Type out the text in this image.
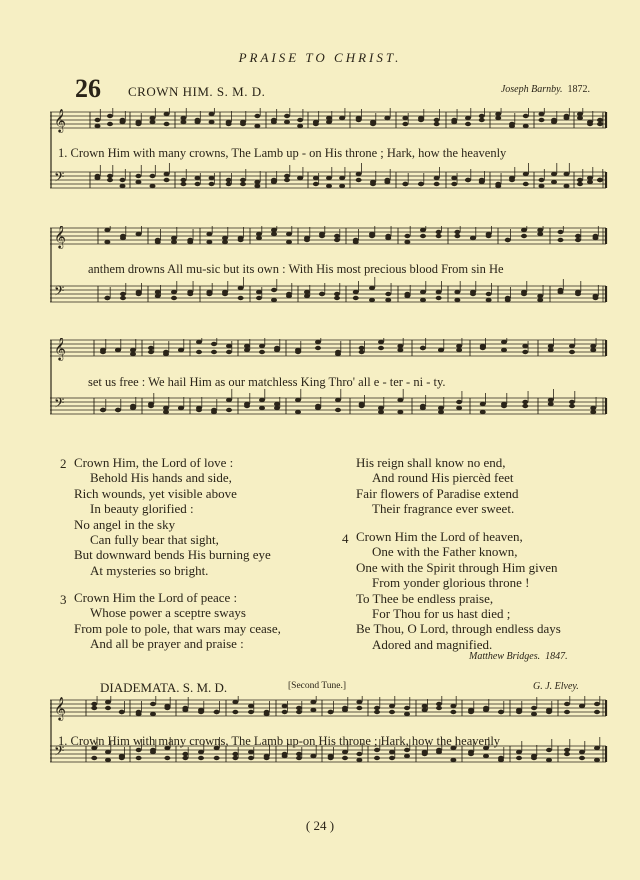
PRAISE TO CHRIST.
26 CROWN HIM. S. M. D.	Joseph Barnby. 1872.
𝄞
𝄢
1. Crown Him with many crowns, The Lamb up - on His throne ; Hark, how the heavenly
𝄞
𝄢
anthem drowns All mu-sic but its own : With His most precious blood From sin He
𝄞
𝄢
set us free : We hail Him as our matchless King Thro' all e - ter - ni - ty.
2 Crown Him, the Lord of love :
Behold His hands and side,
Rich wounds, yet visible above
In beauty glorified :
No angel in the sky
Can fully bear that sight,
But downward bends His burning eye
At mysteries so bright.
3 Crown Him the Lord of peace :
Whose power a sceptre sways
From pole to pole, that wars may cease,
And all be prayer and praise :
His reign shall know no end,
And round His piercèd feet
Fair flowers of Paradise extend
Their fragrance ever sweet.
4 Crown Him the Lord of heaven,
One with the Father known,
One with the Spirit through Him given
From yonder glorious throne !
To Thee be endless praise,
For Thou for us hast died ;
Be Thou, O Lord, through endless days
Adored and magnified.
Matthew Bridges. 1847.
DIADEMATA. S. M. D.	[Second Tune.]	G. J. Elvey.
𝄞
𝄢
1. Crown Him with many crowns, The Lamb up-on His throne ; Hark, how the heavenly
( 24 )
